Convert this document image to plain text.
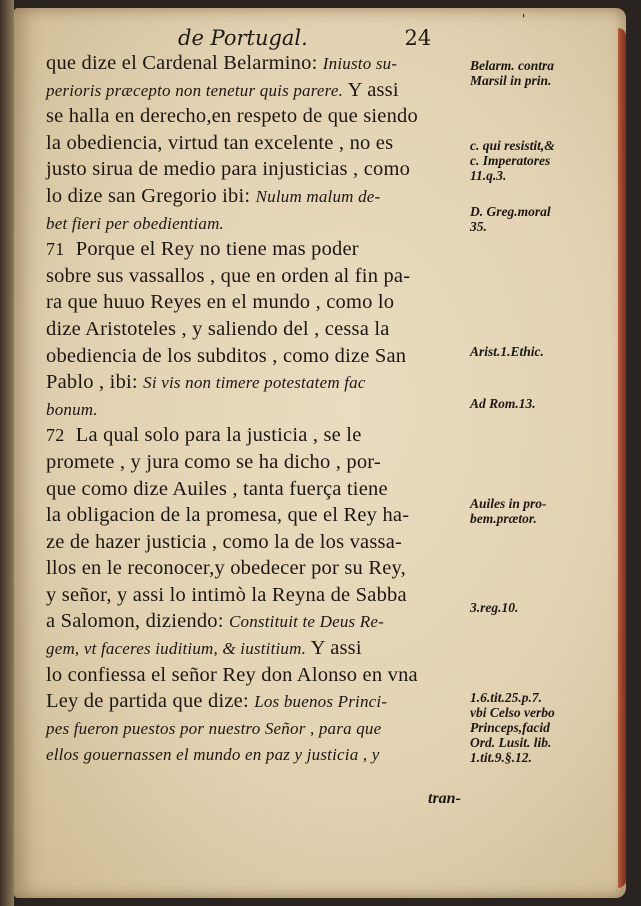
'
de Portugal.	24
que dize el Cardenal Belarmino: Iniusto su-
perioris præcepto non tenetur quis parere. Y assi
se halla en derecho,en respeto de que siendo
la obediencia, virtud tan excelente , no es
justo sirua de medio para injusticias , como
lo dize san Gregorio ibi: Nulum malum de-
bet fieri per obedientiam.
71 Porque el Rey no tiene mas poder
sobre sus vassallos , que en orden al fin pa-
ra que huuo Reyes en el mundo , como lo
dize Aristoteles , y saliendo del , cessa la
obediencia de los subditos , como dize San
Pablo , ibi: Si vis non timere potestatem fac
bonum.
72 La qual solo para la justicia , se le
promete , y jura como se ha dicho , por-
que como dize Auiles , tanta fuerça tiene
la obligacion de la promesa, que el Rey ha-
ze de hazer justicia , como la de los vassa-
llos en le reconocer,y obedecer por su Rey,
y señor, y assi lo intimò la Reyna de Sabba
a Salomon, diziendo: Constituit te Deus Re-
gem, vt faceres iuditium, & iustitium. Y assi
lo confiessa el señor Rey don Alonso en vna
Ley de partida que dize: Los buenos Princi-
pes fueron puestos por nuestro Señor , para que
ellos gouernassen el mundo en paz y justicia , y
Belarm. contra
Marsil in prin.
c. qui resistit,&
c. Imperatores
11.q.3.
D. Greg.moral
35.
Arist.1.Ethic.
Ad Rom.13.
Auiles in pro-
bem.prætor.
3.reg.10.
1.6.tit.25.p.7.
vbi Celso verbo
Princeps,facid
Ord. Lusit. lib.
1.tit.9.§.12.
tran-
